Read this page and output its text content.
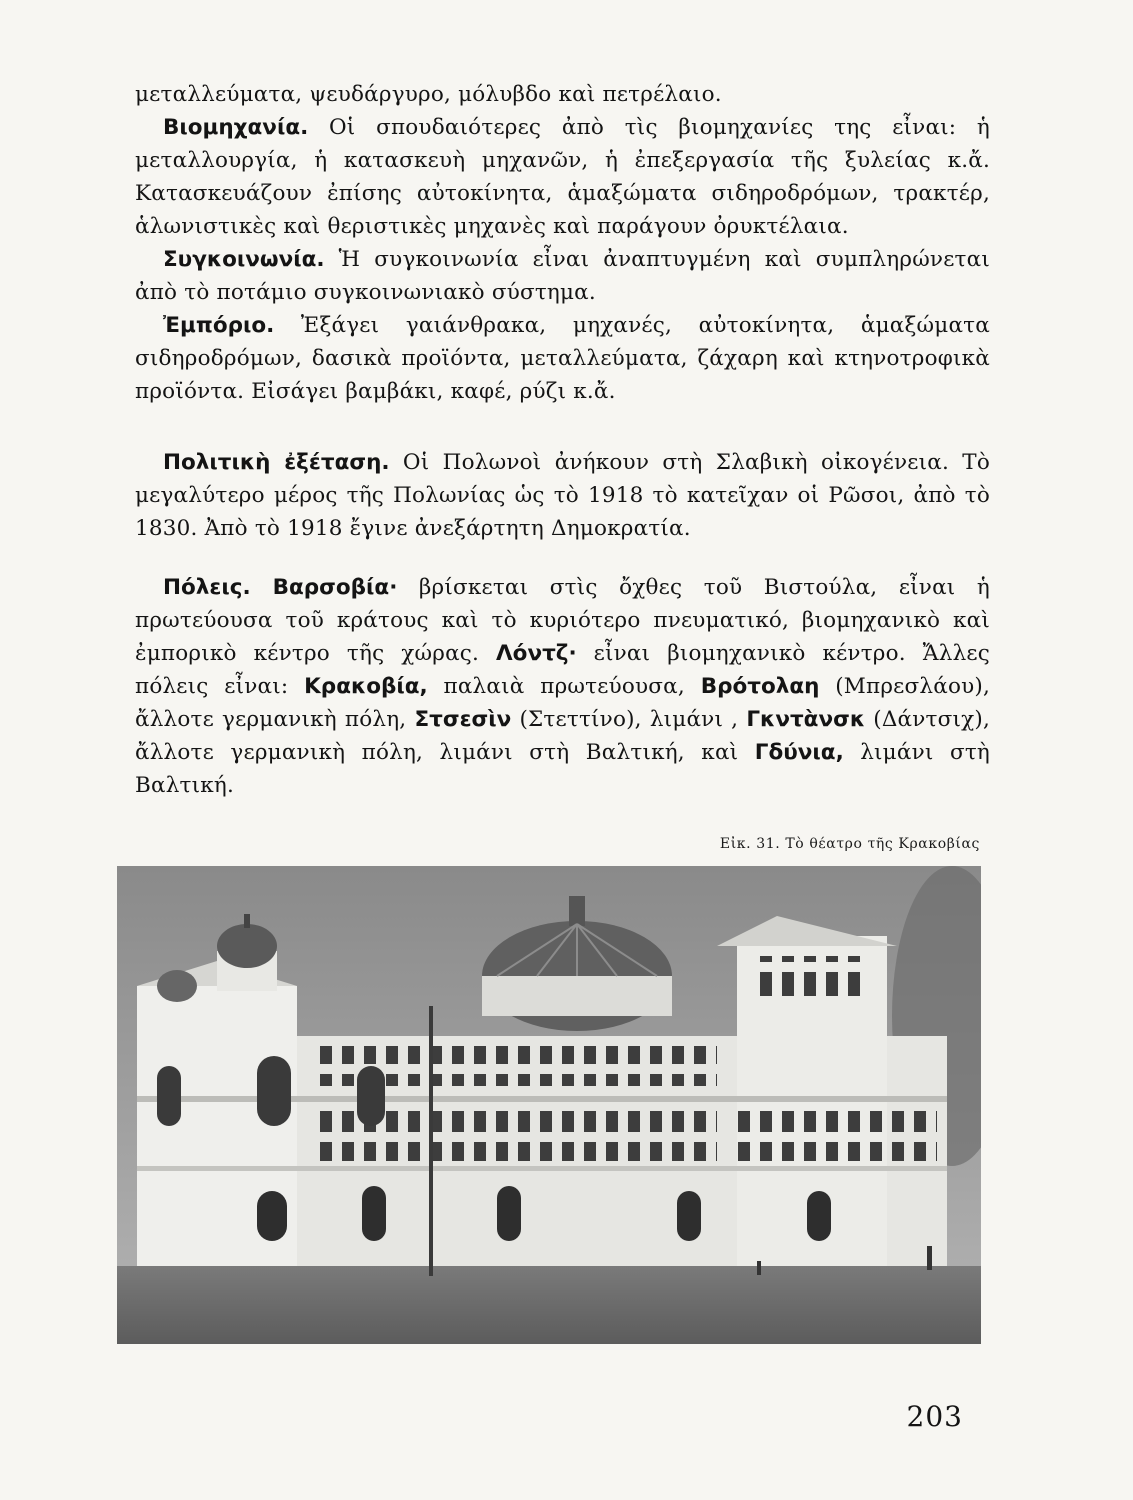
μεταλλεύματα, ψευδάργυρο, μόλυβδο καὶ πετρέλαιο.

Βιομηχανία. Οἱ σπουδαιότερες ἀπὸ τὶς βιομηχανίες της εἶναι: ἡ μεταλλουργία, ἡ κατασκευὴ μηχανῶν, ἡ ἐπεξεργασία τῆς ξυλείας κ.ἄ. Κατασκευάζουν ἐπίσης αὐτοκίνητα, ἁμαξώματα σιδηροδρόμων, τρακτέρ, ἁλωνιστικὲς καὶ θεριστικὲς μηχανὲς καὶ παράγουν ὀρυκτέλαια.

Συγκοινωνία. Ἡ συγκοινωνία εἶναι ἀναπτυγμένη καὶ συμπληρώνεται ἀπὸ τὸ ποτάμιο συγκοινωνιακὸ σύστημα.

Ἐμπόριο. Ἐξάγει γαιάνθρακα, μηχανές, αὐτοκίνητα, ἁμαξώματα σιδηροδρόμων, δασικὰ προϊόντα, μεταλλεύματα, ζάχαρη καὶ κτηνοτροφικὰ προϊόντα. Εἰσάγει βαμβάκι, καφέ, ρύζι κ.ἄ.

Πολιτικὴ ἐξέταση. Οἱ Πολωνοὶ ἀνήκουν στὴ Σλαβικὴ οἰκογένεια. Τὸ μεγαλύτερο μέρος τῆς Πολωνίας ὡς τὸ 1918 τὸ κατεῖχαν οἱ Ρῶσοι, ἀπὸ τὸ 1830. Ἀπὸ τὸ 1918 ἔγινε ἀνεξάρτητη Δημοκρατία.

Πόλεις. Βαρσοβία· βρίσκεται στὶς ὄχθες τοῦ Βιστούλα, εἶναι ἡ πρωτεύουσα τοῦ κράτους καὶ τὸ κυριότερο πνευματικό, βιομηχανικὸ καὶ ἐμπορικὸ κέντρο τῆς χώρας. Λόντζ· εἶναι βιομηχανικὸ κέντρο. Ἄλλες πόλεις εἶναι: Κρακοβία, παλαιὰ πρωτεύουσα, Βρότολαη (Μπρεσλάου), ἄλλοτε γερμανικὴ πόλη, Στσεσὶν (Στεττίνο), λιμάνι , Γκντὰνσκ (Δάντσιχ), ἄλλοτε γερμανικὴ πόλη, λιμάνι στὴ Βαλτική, καὶ Γδύνια, λιμάνι στὴ Βαλτική.

Εἰκ. 31. Τὸ θέατρο τῆς Κρακοβίας
203
